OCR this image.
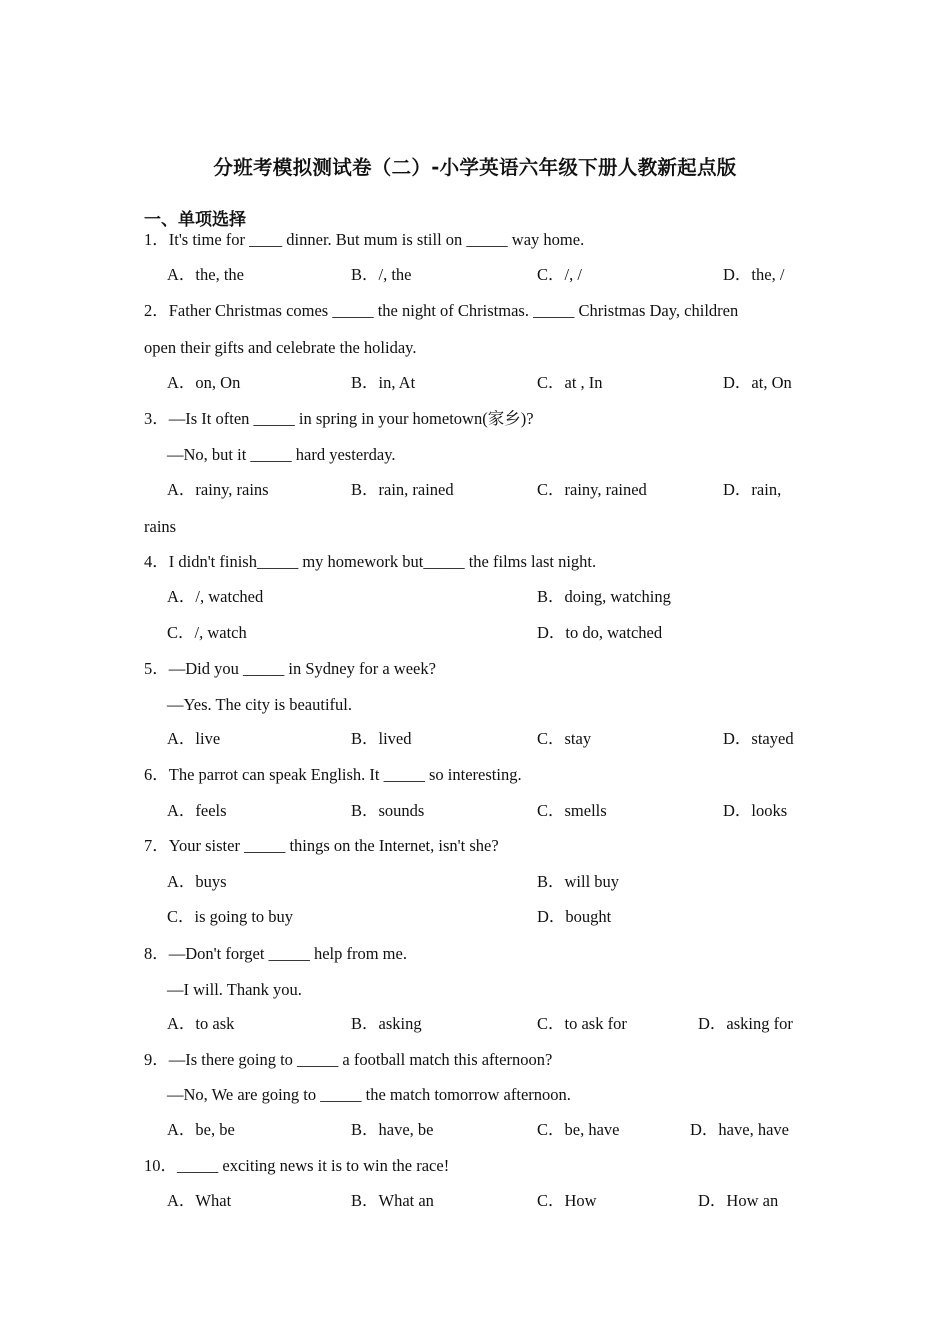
分班考模拟测试卷（二）-小学英语六年级下册人教新起点版
一、单项选择
1．It's time for ____ dinner. But mum is still on _____ way home.
A．the, the	B．/, the	C．/, /	D．the, /
2．Father Christmas comes _____ the night of Christmas. _____ Christmas Day, children
open their gifts and celebrate the holiday.
A．on, On	B．in, At	C．at , In	D．at, On
3．—Is It often _____ in spring in your hometown(家乡)?
—No, but it _____ hard yesterday.
A．rainy, rains	B．rain, rained	C．rainy, rained	D．rain,
rains
4．I didn't finish_____ my homework but_____ the films last night.
A．/, watched	B．doing, watching
C．/, watch	D．to do, watched
5．—Did you _____ in Sydney for a week?
—Yes. The city is beautiful.
A．live	B．lived	C．stay	D．stayed
6．The parrot can speak English. It _____ so interesting.
A．feels	B．sounds	C．smells	D．looks
7．Your sister _____ things on the Internet, isn't she?
A．buys	B．will buy
C．is going to buy	D．bought
8．—Don't forget _____ help from me.
—I will. Thank you.
A．to ask	B．asking	C．to ask for	D．asking for
9．—Is there going to _____ a football match this afternoon?
—No, We are going to _____ the match tomorrow afternoon.
A．be, be	B．have, be	C．be, have	D．have, have
10．_____ exciting news it is to win the race!
A．What	B．What an	C．How	D．How an
